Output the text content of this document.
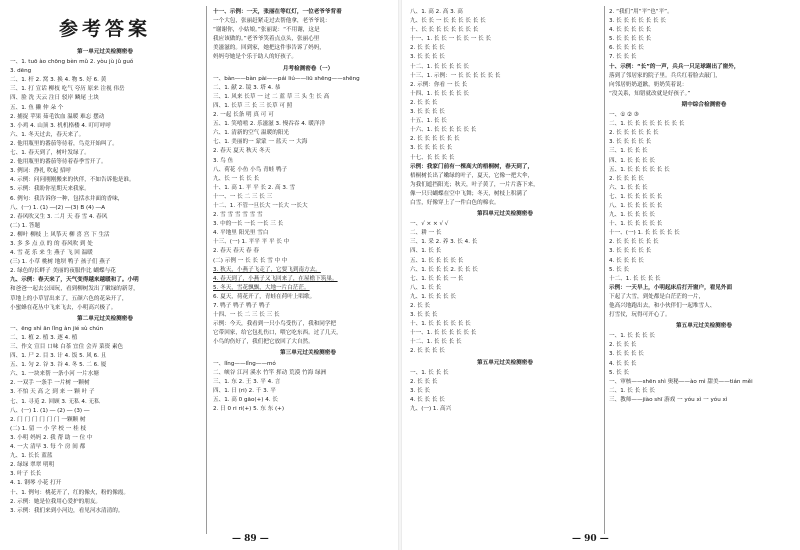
参考答案
第一单元过关检测密卷
一、1. tuō ào chōng bèn mǔ 2. yòu jù jǔ guǒ
3. dēng
二、1. 杆 2. 窝 3. 换 4. 物 5. 好 6. 黄
三、1. 打 宣话 柳枝 吃气 夸历 原来 注视 伟岳
四、脸 洗 天云 注日 驳岸 鳞尾 土块
五、1. 鱼 獭 仲 朵 个
2. 捕捉 苹果 茹毛饮血 温暖 难忘 摆动
3. 小鸡 4. 山顶 3. 机机格楼 4. 叮叮呼呼
六、1. 冬天过去，春天来了。
2. 他用瓶里的番茄等待着，鸟竞开始叫了。
七、1. 春天到了，树叶发绿了。
2. 他用瓶里的番茄等待着春季雪开了。
3. 例词：挣扎 吹起 招呼
4. 示例：问问刚刚搬来的伙伴，不如告诉他是谁。
5. 示例：我盼你星期天来我家。
6. 例句：我告诉你一种，包括水井面的香味，
八、(一) 1. (1) ―(2) ―(3) B (4) ―A
2. 春风吹又生 3. 二月 天 春 雪 4. 春风
(二) 1. 答题
2. 柳叶 柳枝 上 风筝天 柳 喜 宫 下 生活
3. 多 多 点 点 的 的 春风吹 到 处
4. 雪 花 乐 来 生 燕子 飞 回 温暖
(三) 1. 小草 桃树 地坝 鸭子 孩子们 燕子
2. 绿色的长畔子 美丽的夜服作比 蝴蝶与花
九、示例：春天来了，天气变得越来越暖和了。小明
和爸爸一起去公园玩，看到柳树发出了嫩绿的新芽，
草地上的小草冒出来了，五颜六色的花朵开了，
小蜜蜂在花丛中飞来飞去，小明高兴极了。
第二单元过关检测密卷
一、ēng shì ān lǐng àn jié sù chún
二、1. 植 2. 植 3. 逐 4. 植
三、作文 宣目 口味 白茶 宜住 会弄 菜资 素色
四、1. 尸 2. 目 3. 计 4. 饭 5. 风 6. 且
五、1. 匀 2. 谷 3. 谷 4. 冬 5. 二 6. 厦
六、1. 一块来帮 一条小河 一片水塘
2. 一双手 一条手 一片树 一颗树
3. 不怕 天 高 之 到 来 一 颗 叶 子
七、1. 寻觅 2. 回顾 3. 无私 4. 无私
八、(一) 1. (1) ― (2) ― (3) ―
2. 门 门 门 门 门 门 一颗颗 树
(二) 1. 留 一 小 学 校 一 桂 枝
3. 小明 妈妈 2. 我 帮 助 一 位 中
4. 一大 清早 3. 每 个 房 间 都
九、1. 长长 蓝蓝
2. 绿绿 翠翠 明明
3. 叶子 长长
4. 1. 钢琴 小花 打开
十、1. 例句：桃花开了，红的像火，粉的像霞。
2. 示例：她是位我用心爱护的朋友。
3. 示例：我们来到小河边，看见河水清清的。
十一、示例：一天，张丽在等红灯，一位老爷爷背着
一个大包，张丽赶紧走过去帮他拿，老爷爷说：
“谢谢你，小姑娘。”张丽说：“不用谢，这是
我应该做的。”老爷爷笑着点点头，张丽心里
美滋滋的。回到家，她把这件事告诉了妈妈，
妈妈夸她是个乐于助人的好孩子。
月考检测密卷（一）
一、bàn——bàn pài——pái liú——liū shēng——shēng
二、1. 献 2. 镜 3. 塔 4. 恭
三、1. 风来 长草 一 过 二 蓝 草 三 头 生 长 高
四、1. 长草 三 长 三 长草 可 照
2. 一起 长条 明 真 可 可
五、1. 笑嘻嘻 2. 乐滋滋 3. 慢吞吞 4. 暖洋洋
六、1. 清新的空气 温暖的阳光
七、1. 美丽的一 蒙蒙 一 蓝天 一 大海
2. 春天 夏天 秋天 冬天
3. 鸟 鱼
八、荷花 小鱼 小鸟 青蛙 鸭子
九、长 一 长 长 长
十、1. 高 1. 平 平 长 2. 高 3. 雪
十一、一 长 二 三 长 三
十二、1. 不管一旦长大 一长大 一长大
2. 雪 雪 雪 雪 雪 雪
3. 中的一长 一长 一长 三 长
4. 平地里 阳光里 雪白
十三、(一) 1. 平平 平 平 长 中
2. 春天 春天 春 春
(二) 示例 一 长 长 长 雪 中 中
3. 秋天，小燕子飞走了，它要飞到南方去。
4. 春天到了，小燕子又飞回来了，在屋檐下筑巢。
5. 冬天，雪花飘飘，大地一片白茫茫。
6. 夏天，荷花开了，青蛙在荷叶上唱歌。
7. 鸭子 鸭子 鸭子 鸭子
十四、一 长 二 三 长 三 长
示例：今天，我看到一只小鸟受伤了，我和同学把
它带回家，给它包扎伤口，喂它吃东西。过了几天，
小鸟的伤好了，我们把它放回了大自然。
第三单元过关检测密卷
一、lǐng——lǐng——mó
二、峡谷 江河 溪水 竹竿 挥动 荒漠 竹海 绿洲
三、1. 东 2. 王 3. 平 4. 言
四、1. 日 (ri) 2. 千 3. 平
五、1. 高 0 gāo(+) 4. 长
2. 日 0 ri ri(+) 5. 东 东 (+)
八、1. 高 2. 高 3. 高
九、长 长 一 长 长 长 长 长 长
十、长 长 长 长 长 长 长 长
十一、1. 长 长 一 长 长 一 长 长
2. 长 长 长 长
3. 长 长 长 长
十二、1. 长 长 长 长 长
十三、1. 示例：一 长 长 长 长 长 长
2. 示例：你看 一 长 长
十四、1. 长 长 长 长 长
2. 长 长 长
3. 长 长 长 长
十五、1. 长 长
十六、1. 长 长 长 长 长 长
2. 长 长 长 长 长 长
3. 长 长 长 长 长
十七、长 长 长 长
示例：我家门前有一棵高大的梧桐树，春天到了，
梧桐树长出了嫩绿的叶子，夏天，它像一把大伞，
为我们遮挡阳光；秋天，叶子黄了，一片片落下来，
像一只只蝴蝶在空中飞舞；冬天，树枝上积满了
白雪，好像穿上了一件白色的棉衣。
第四单元过关检测密卷
一、√ × × √ √
二、耕 一 长
三、1. 采 2. 养 3. 长 4. 长
四、1. 长 长
五、1. 长 长 长 长 长
六、1. 长 长 长 2. 长 长 长
七、1. 长 长 长 一 长
八、1. 长 长
九、1. 长 长 长 长
2. 长 长
3. 长 长 长
十、1. 长 长 长 长 长 长
十一、1. 长 长 长 长 长 长
十二、1. 长 长 长 长
2. 长 长 长 长
第五单元过关检测密卷
一、1. 长 长 长
2. 长 长 长
3. 长 长
4. 长 长 长 长
九、(一) 1. 高兴
2. “我们”用“平”也“平”。
3. 长 长 长 长 长 长 长
4. 长 长 长 长 长
5. 长 长 长 长 长
6. 长 长 长 长
7. 长 长 长
十、示例：“长”的一声，兵兵一只足球踢出了窗外，
落到了邻居家的院子里。兵兵红着脸去敲门，
向邻居奶奶道歉，奶奶笑着说：
“没关系，知错就改就是好孩子。”
期中综合检测密卷
一、① ② ③
二、1. 长 长 长 长 长 长 长 长
2. 长 长 长 长 长 长
3. 长 长 长 长 长
三、1. 长 长 长
四、1. 长 长 长 长
五、1. 长 长 长 长 长 长
2. 长 长 长 长
六、1. 长 长 长
七、1. 长 长 长 长 长
八、1. 长 长 长 长 长
九、1. 长 长 长 长
十、1. 长 长 长 长 长
十一、(一) 1. 长 长 长 长 长
2. 长 长 长 长 长 长
3. 长 长 长 长 长
4. 长 长 长 长
5. 长 长
十二、1. 长 长 长 长
示例：一天早上，小明起床后打开窗户，看见外面
下起了大雪，到处都是白茫茫的一片，
他高兴地跑出去，和小伙伴们一起堆雪人、
打雪仗，玩得可开心了。
第五单元过关检测密卷
一、1. 长 长 长 长
2. 长 长 长
3. 长 长 长 长
4. 长 长 长
5. 长 长
一、审核——shēn shì 奥秘——ào mì 甜美——tián měi
二、1. 长 长 长 长
三、教师——jiào shī 游戏 一 yóu xì 一 yóu xì
— 89 —	— 90 —
